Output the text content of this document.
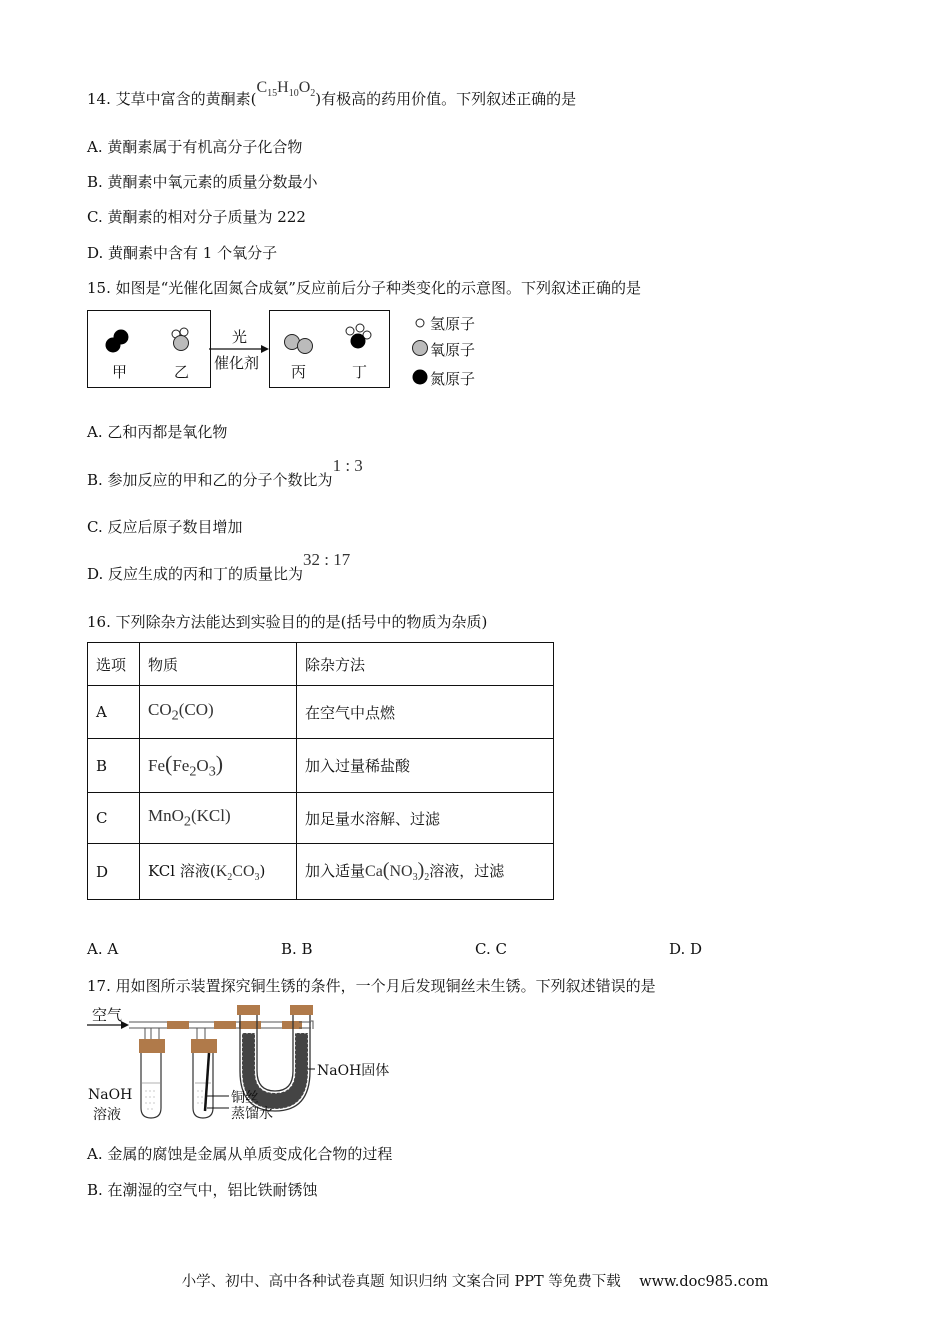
14. 艾草中富含的黄酮素$(C_{15}H_{10}O_2)$有极高的药用价值。下列叙述正确的是
A. 黄酮素属于有机高分子化合物
B. 黄酮素中氧元素的质量分数最小
C. 黄酮素的相对分子质量为 222
D. 黄酮素中含有 1 个氧分子
15. 如图是“光催化固氮合成氨”反应前后分子种类变化的示意图。下列叙述正确的是
甲	乙
光
催化剂 丙	丁
氢原子
氧原子
氮原子
A. 乙和丙都是氧化物
B. 参加反应的甲和乙的分子个数比为1 : 3
C. 反应后原子数目增加
D. 反应生成的丙和丁的质量比为32 : 17
16. 下列除杂方法能达到实验目的的是(括号中的物质为杂质)
选项	物质	除杂方法
A	$CO_2(CO)$	在空气中点燃
B	$Fe(Fe_2O_3)$	加入过量稀盐酸
C	MnO$_2$(KCl)	加足量水溶解、过滤
D	KCl 溶液$(K_2CO_3)$	加入适量$Ca(NO_3)_2$溶液，过滤
A. A	B. B	C. C	D. D
17. 用如图所示装置探究铜生锈的条件，一个月后发现铜丝未生锈。下列叙述错误的是
空气
NaOH固体
NaOH
溶液
铜丝
蒸馏水
A. 金属的腐蚀是金属从单质变成化合物的过程
B. 在潮湿的空气中，铝比铁耐锈蚀
小学、初中、高中各种试卷真题 知识归纳 文案合同 PPT 等免费下载 www.doc985.com
